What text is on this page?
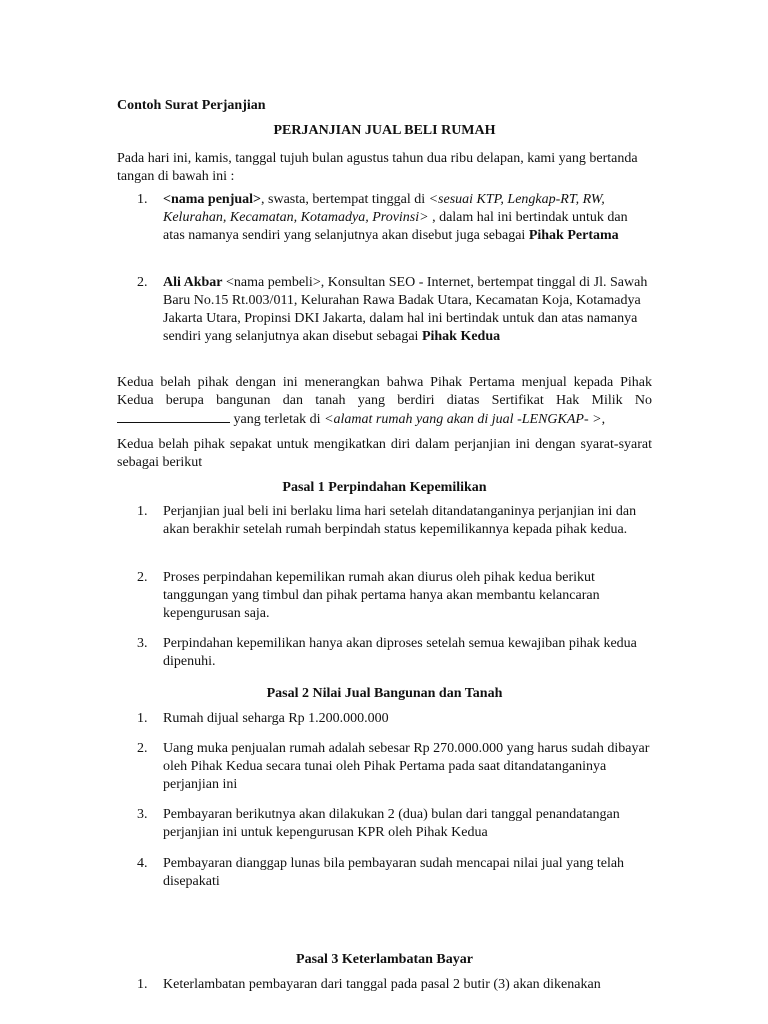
Contoh Surat Perjanjian
PERJANJIAN JUAL BELI RUMAH

Pada hari ini, kamis, tanggal tujuh bulan agustus tahun dua ribu delapan, kami yang bertanda tangan di bawah ini :

1. <nama penjual>, swasta, bertempat tinggal di <sesuai KTP, Lengkap-RT, RW, Kelurahan, Kecamatan, Kotamadya, Provinsi> , dalam hal ini bertindak untuk dan atas namanya sendiri yang selanjutnya akan disebut juga sebagai Pihak Pertama
2. Ali Akbar <nama pembeli>, Konsultan SEO - Internet, bertempat tinggal di Jl. Sawah Baru No.15 Rt.003/011, Kelurahan Rawa Badak Utara, Kecamatan Koja, Kotamadya Jakarta Utara, Propinsi DKI Jakarta, dalam hal ini bertindak untuk dan atas namanya sendiri yang selanjutnya akan disebut sebagai Pihak Kedua

Kedua belah pihak dengan ini menerangkan bahwa Pihak Pertama menjual kepada Pihak Kedua berupa bangunan dan tanah yang berdiri diatas Sertifikat Hak Milik No  yang terletak di <alamat rumah yang akan di jual -LENGKAP- >,

Kedua belah pihak sepakat untuk mengikatkan diri dalam perjanjian ini dengan syarat-syarat sebagai berikut

Pasal 1 Perpindahan Kepemilikan
1. Perjanjian jual beli ini berlaku lima hari setelah ditandatanganinya perjanjian ini dan akan berakhir setelah rumah berpindah status kepemilikannya kepada pihak kedua.
2. Proses perpindahan kepemilikan rumah akan diurus oleh pihak kedua berikut tanggungan yang timbul dan pihak pertama hanya akan membantu kelancaran kepengurusan saja.
3. Perpindahan kepemilikan hanya akan diproses setelah semua kewajiban pihak kedua dipenuhi.
Pasal 2 Nilai Jual Bangunan dan Tanah
1. Rumah dijual seharga Rp 1.200.000.000
2. Uang muka penjualan rumah adalah sebesar Rp 270.000.000 yang harus sudah dibayar oleh Pihak Kedua secara tunai oleh Pihak Pertama pada saat ditandatanganinya perjanjian ini
3. Pembayaran berikutnya akan dilakukan 2 (dua) bulan dari tanggal penandatangan perjanjian ini untuk kepengurusan KPR oleh Pihak Kedua
4. Pembayaran dianggap lunas bila pembayaran sudah mencapai nilai jual yang telah disepakati
Pasal 3 Keterlambatan Bayar
1. Keterlambatan pembayaran dari tanggal pada pasal 2 butir (3) akan dikenakan
